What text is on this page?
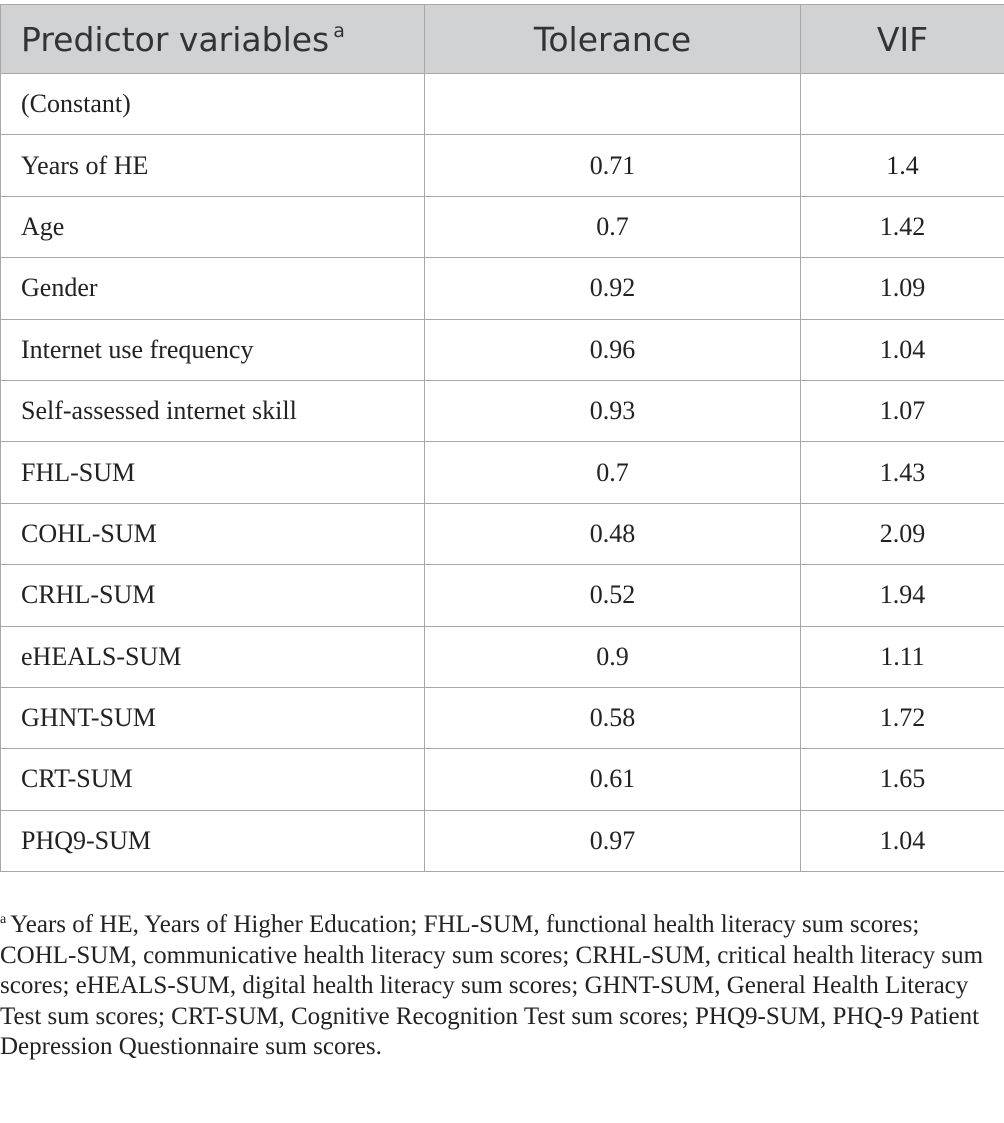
Predictor variables $^a$	Tolerance	VIF
(Constant)		
Years of HE	0.71	1.4
Age	0.7	1.42
Gender	0.92	1.09
Internet use frequency	0.96	1.04
Self-assessed internet skill	0.93	1.07
FHL-SUM	0.7	1.43
COHL-SUM	0.48	2.09
CRHL-SUM	0.52	1.94
eHEALS-SUM	0.9	1.11
GHNT-SUM	0.58	1.72
CRT-SUM	0.61	1.65
PHQ9-SUM	0.97	1.04

$^a$ Years of HE, Years of Higher Education; FHL-SUM, functional health literacy sum scores; COHL-SUM, communicative health literacy sum scores; CRHL-SUM, critical health literacy sum scores; eHEALS-SUM, digital health literacy sum scores; GHNT-SUM, General Health Literacy Test sum scores; CRT-SUM, Cognitive Recognition Test sum scores; PHQ9-SUM, PHQ-9 Patient Depression Questionnaire sum scores.
